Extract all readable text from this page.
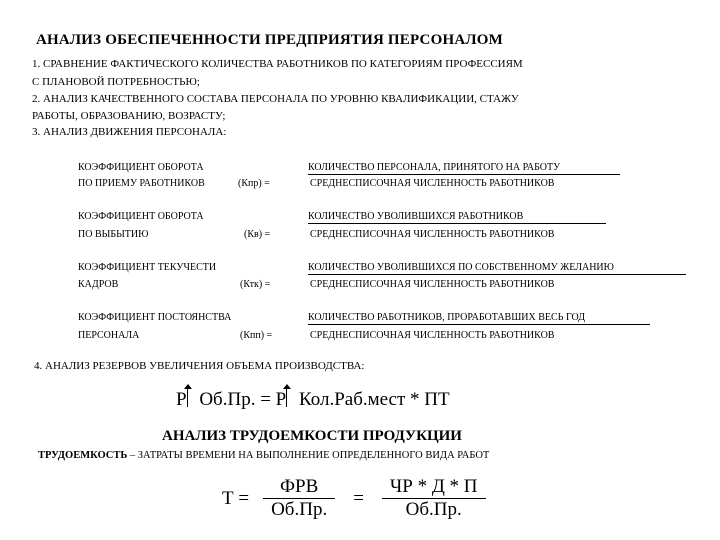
АНАЛИЗ ОБЕСПЕЧЕННОСТИ ПРЕДПРИЯТИЯ ПЕРСОНАЛОМ
1. СРАВНЕНИЕ ФАКТИЧЕСКОГО КОЛИЧЕСТВА РАБОТНИКОВ ПО КАТЕГОРИЯМ ПРОФЕССИЯМ
С ПЛАНОВОЙ ПОТРЕБНОСТЬЮ;
2. АНАЛИЗ КАЧЕСТВЕННОГО СОСТАВА ПЕРСОНАЛА ПО УРОВНЮ КВАЛИФИКАЦИИ, СТАЖУ
РАБОТЫ, ОБРАЗОВАНИЮ, ВОЗРАСТУ;
3. АНАЛИЗ ДВИЖЕНИЯ ПЕРСОНАЛА:
КОЭФФИЦИЕНТ ОБОРОТА
ПО ПРИЕМУ РАБОТНИКОВ	(Кпр) =
КОЛИЧЕСТВО ПЕРСОНАЛА, ПРИНЯТОГО НА РАБОТУ
СРЕДНЕСПИСОЧНАЯ ЧИСЛЕННОСТЬ РАБОТНИКОВ
КОЭФФИЦИЕНТ ОБОРОТА
ПО ВЫБЫТИЮ	(Кв) =
КОЛИЧЕСТВО УВОЛИВШИХСЯ РАБОТНИКОВ
СРЕДНЕСПИСОЧНАЯ ЧИСЛЕННОСТЬ РАБОТНИКОВ
КОЭФФИЦИЕНТ ТЕКУЧЕСТИ
КАДРОВ	(Ктк) =
КОЛИЧЕСТВО УВОЛИВШИХСЯ ПО СОБСТВЕННОМУ ЖЕЛАНИЮ
СРЕДНЕСПИСОЧНАЯ ЧИСЛЕННОСТЬ РАБОТНИКОВ
КОЭФФИЦИЕНТ ПОСТОЯНСТВА
ПЕРСОНАЛА	(Кпп) =
КОЛИЧЕСТВО РАБОТНИКОВ, ПРОРАБОТАВШИХ ВЕСЬ ГОД
СРЕДНЕСПИСОЧНАЯ ЧИСЛЕННОСТЬ РАБОТНИКОВ
4. АНАЛИЗ РЕЗЕРВОВ УВЕЛИЧЕНИЯ ОБЪЕМА ПРОИЗВОДСТВА:
Р Об.Пр. = Р Кол.Раб.мест * ПТ
АНАЛИЗ ТРУДОЕМКОСТИ ПРОДУКЦИИ
ТРУДОЕМКОСТЬ – ЗАТРАТЫ ВРЕМЕНИ НА ВЫПОЛНЕНИЕ ОПРЕДЕЛЕННОГО ВИДА РАБОТ
Т =
ФРВ
Об.Пр.
=
ЧР * Д * П
Об.Пр.
